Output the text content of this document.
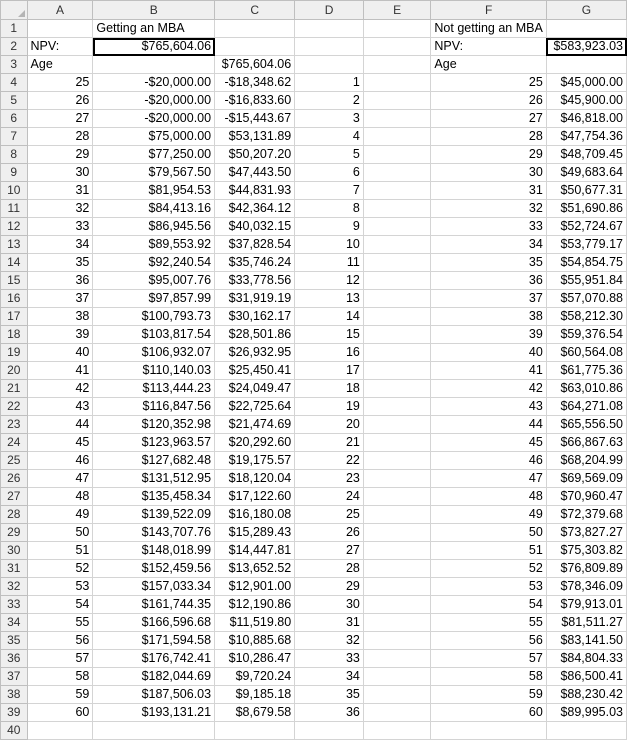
	A	B	C	D	E	F	G
1		Getting an MBA				Not getting an MBA	
2	NPV:	$765,604.06				NPV:	$583,923.03
3	Age		$765,604.06			Age	
4	25	-$20,000.00	-$18,348.62	1		25	$45,000.00
5	26	-$20,000.00	-$16,833.60	2		26	$45,900.00
6	27	-$20,000.00	-$15,443.67	3		27	$46,818.00
7	28	$75,000.00	$53,131.89	4		28	$47,754.36
8	29	$77,250.00	$50,207.20	5		29	$48,709.45
9	30	$79,567.50	$47,443.50	6		30	$49,683.64
10	31	$81,954.53	$44,831.93	7		31	$50,677.31
11	32	$84,413.16	$42,364.12	8		32	$51,690.86
12	33	$86,945.56	$40,032.15	9		33	$52,724.67
13	34	$89,553.92	$37,828.54	10		34	$53,779.17
14	35	$92,240.54	$35,746.24	11		35	$54,854.75
15	36	$95,007.76	$33,778.56	12		36	$55,951.84
16	37	$97,857.99	$31,919.19	13		37	$57,070.88
17	38	$100,793.73	$30,162.17	14		38	$58,212.30
18	39	$103,817.54	$28,501.86	15		39	$59,376.54
19	40	$106,932.07	$26,932.95	16		40	$60,564.08
20	41	$110,140.03	$25,450.41	17		41	$61,775.36
21	42	$113,444.23	$24,049.47	18		42	$63,010.86
22	43	$116,847.56	$22,725.64	19		43	$64,271.08
23	44	$120,352.98	$21,474.69	20		44	$65,556.50
24	45	$123,963.57	$20,292.60	21		45	$66,867.63
25	46	$127,682.48	$19,175.57	22		46	$68,204.99
26	47	$131,512.95	$18,120.04	23		47	$69,569.09
27	48	$135,458.34	$17,122.60	24		48	$70,960.47
28	49	$139,522.09	$16,180.08	25		49	$72,379.68
29	50	$143,707.76	$15,289.43	26		50	$73,827.27
30	51	$148,018.99	$14,447.81	27		51	$75,303.82
31	52	$152,459.56	$13,652.52	28		52	$76,809.89
32	53	$157,033.34	$12,901.00	29		53	$78,346.09
33	54	$161,744.35	$12,190.86	30		54	$79,913.01
34	55	$166,596.68	$11,519.80	31		55	$81,511.27
35	56	$171,594.58	$10,885.68	32		56	$83,141.50
36	57	$176,742.41	$10,286.47	33		57	$84,804.33
37	58	$182,044.69	$9,720.24	34		58	$86,500.41
38	59	$187,506.03	$9,185.18	35		59	$88,230.42
39	60	$193,131.21	$8,679.58	36		60	$89,995.03
40							
